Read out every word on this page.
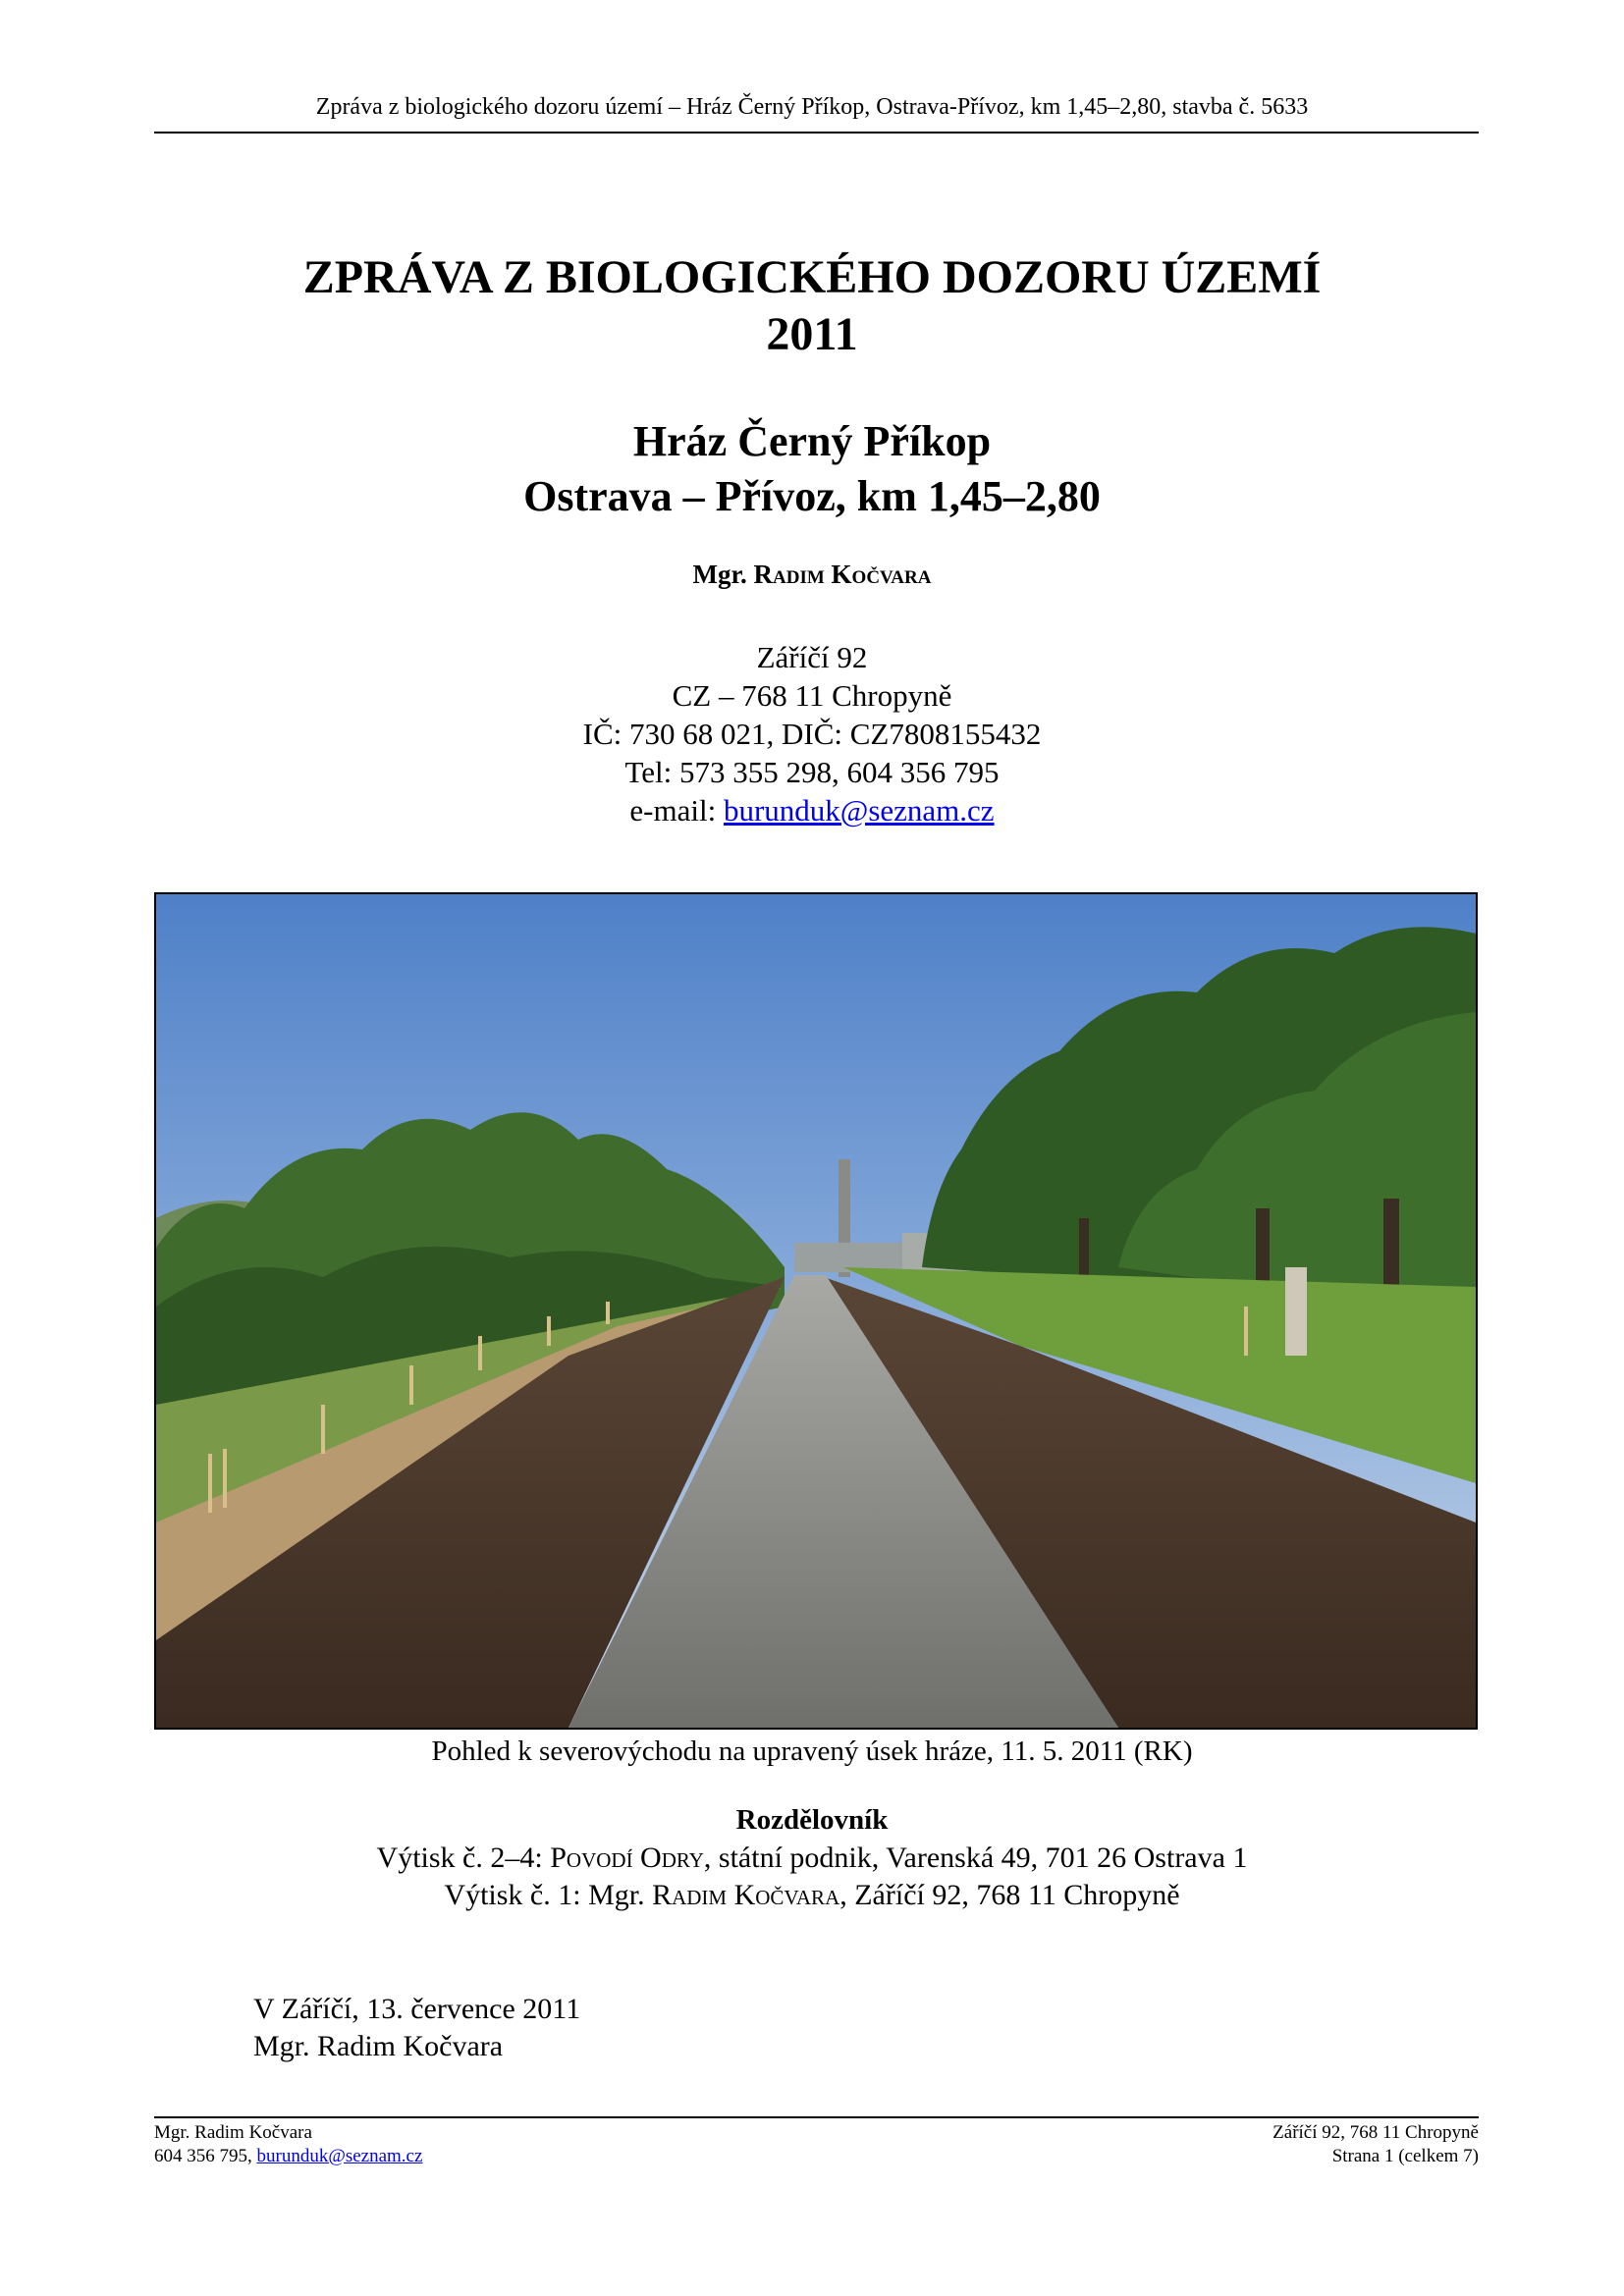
Zpráva z biologického dozoru území – Hráz Černý Příkop, Ostrava-Přívoz, km 1,45–2,80, stavba č. 5633
ZPRÁVA Z BIOLOGICKÉHO DOZORU ÚZEMÍ
2011
Hráz Černý Příkop
Ostrava – Přívoz, km 1,45–2,80
Mgr. Radim Kočvara
Záříčí 92
CZ – 768 11 Chropyně
IČ: 730 68 021, DIČ: CZ7808155432
Tel: 573 355 298, 604 356 795
e-mail: burunduk@seznam.cz
Pohled k severovýchodu na upravený úsek hráze, 11. 5. 2011 (RK)
Rozdělovník
Výtisk č. 2–4: Povodí Odry, státní podnik, Varenská 49, 701 26 Ostrava 1
Výtisk č. 1: Mgr. Radim Kočvara, Záříčí 92, 768 11 Chropyně
V Záříčí, 13. července 2011
Mgr. Radim Kočvara
Mgr. Radim Kočvara
604 356 795, burunduk@seznam.cz
Záříčí 92, 768 11 Chropyně
Strana 1 (celkem 7)
